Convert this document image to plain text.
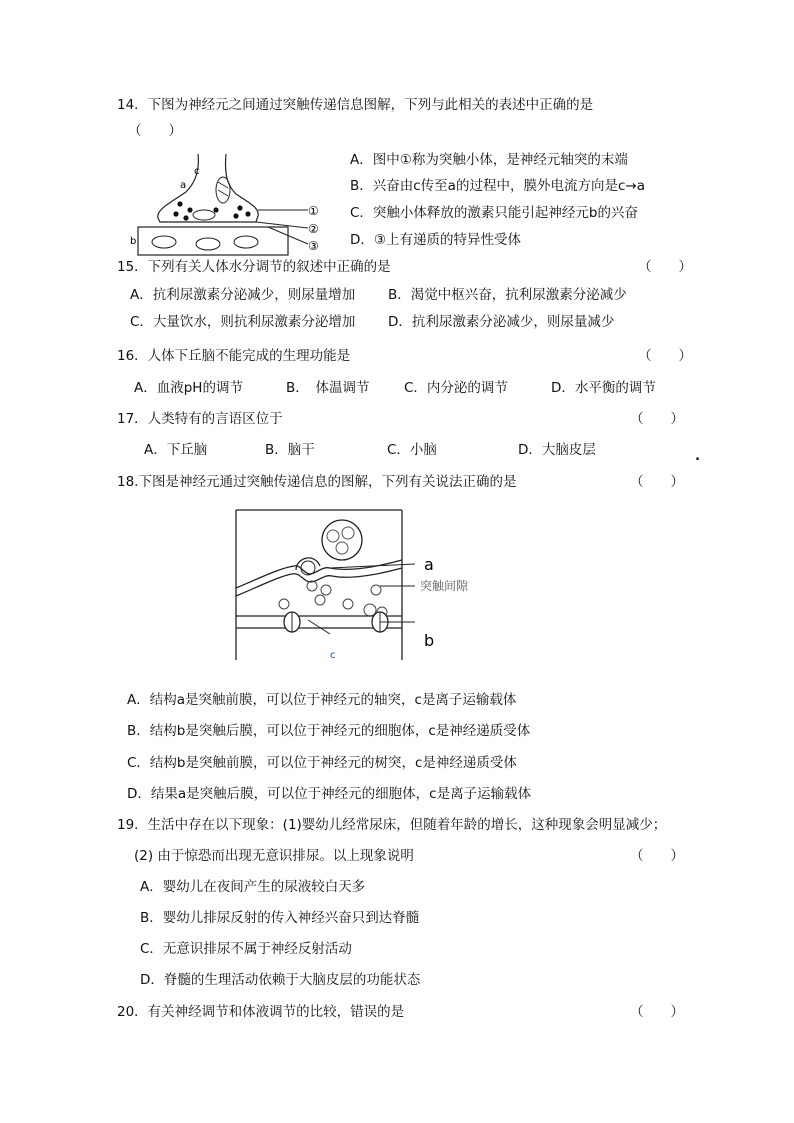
14．下图为神经元之间通过突触传递信息图解，下列与此相关的表述中正确的是
（　　）
c
a
b
①
②
③
A．图中①称为突触小体，是神经元轴突的末端
B．兴奋由c传至a的过程中，膜外电流方向是c→a
C．突触小体释放的激素只能引起神经元b的兴奋
D．③上有递质的特异性受体
15．下列有关人体水分调节的叙述中正确的是	（　　）
A．抗利尿激素分泌减少，则尿量增加 B．渴觉中枢兴奋，抗利尿激素分泌减少
C．大量饮水，则抗利尿激素分泌增加 D．抗利尿激素分泌减少，则尿量减少
16．人体下丘脑不能完成的生理功能是	（　　）
A．血液pH的调节	B．　体温调节	C．内分泌的调节	D．水平衡的调节
17．人类特有的言语区位于	（　　）
A．下丘脑	B．脑干	C．小脑	D．大脑皮层	.
18.下图是神经元通过突触传递信息的图解，下列有关说法正确的是	（　　）
a
突触间隙
b
c
A．结构a是突触前膜，可以位于神经元的轴突，c是离子运输载体
B．结构b是突触后膜，可以位于神经元的细胞体，c是神经递质受体
C．结构b是突触前膜，可以位于神经元的树突，c是神经递质受体
D．结果a是突触后膜，可以位于神经元的细胞体，c是离子运输载体
19．生活中存在以下现象：(1)婴幼儿经常尿床，但随着年龄的增长，这种现象会明显减少；
(2) 由于惊恐而出现无意识排尿。以上现象说明	（　　）
A．婴幼儿在夜间产生的尿液较白天多
B．婴幼儿排尿反射的传入神经兴奋只到达脊髓
C．无意识排尿不属于神经反射活动
D．脊髓的生理活动依赖于大脑皮层的功能状态
20．有关神经调节和体液调节的比较，错误的是	（　　）
